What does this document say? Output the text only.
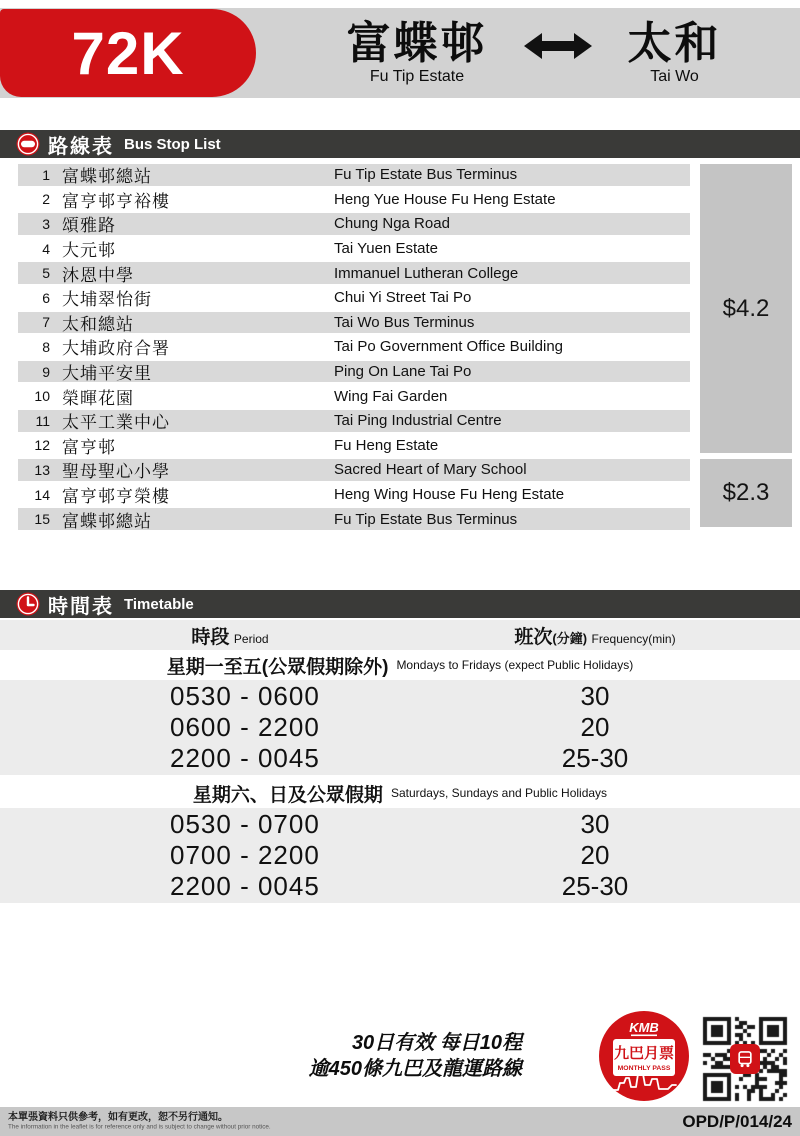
72K	富蝶邨
Fu Tip Estate
太和
Tai Wo
路線表 Bus Stop List
1 富蝶邨總站	Fu Tip Estate Bus Terminus
2 富亨邨亨裕樓	Heng Yue House Fu Heng Estate
3 頌雅路	Chung Nga Road
4 大元邨	Tai Yuen Estate
5 沐恩中學	Immanuel Lutheran College
6 大埔翠怡街	Chui Yi Street Tai Po
7 太和總站	Tai Wo Bus Terminus
8 大埔政府合署	Tai Po Government Office Building
9 大埔平安里	Ping On Lane Tai Po
10 榮暉花園	Wing Fai Garden
11 太平工業中心	Tai Ping Industrial Centre
12 富亨邨	Fu Heng Estate
13 聖母聖心小學	Sacred Heart of Mary School
14 富亨邨亨榮樓	Heng Wing House Fu Heng Estate
15 富蝶邨總站	Fu Tip Estate Bus Terminus
$4.2
$2.3
時間表 Timetable
時段 Period	班次(分鐘) Frequency(min)
星期一至五(公眾假期除外) Mondays to Fridays (expect Public Holidays)
0530 - 0600	30
0600 - 2200	20
2200 - 0045	25-30
星期六、日及公眾假期 Saturdays, Sundays and Public Holidays
0530 - 0700	30
0700 - 2200	20
2200 - 0045	25-30
30日有效 每日10程
逾450條九巴及龍運路線
KMB
九巴月票
MONTHLY PASS
本單張資料只供參考，如有更改，恕不另行通知。
The information in the leaflet is for reference only and is subject to change without prior notice.	OPD/P/014/24
